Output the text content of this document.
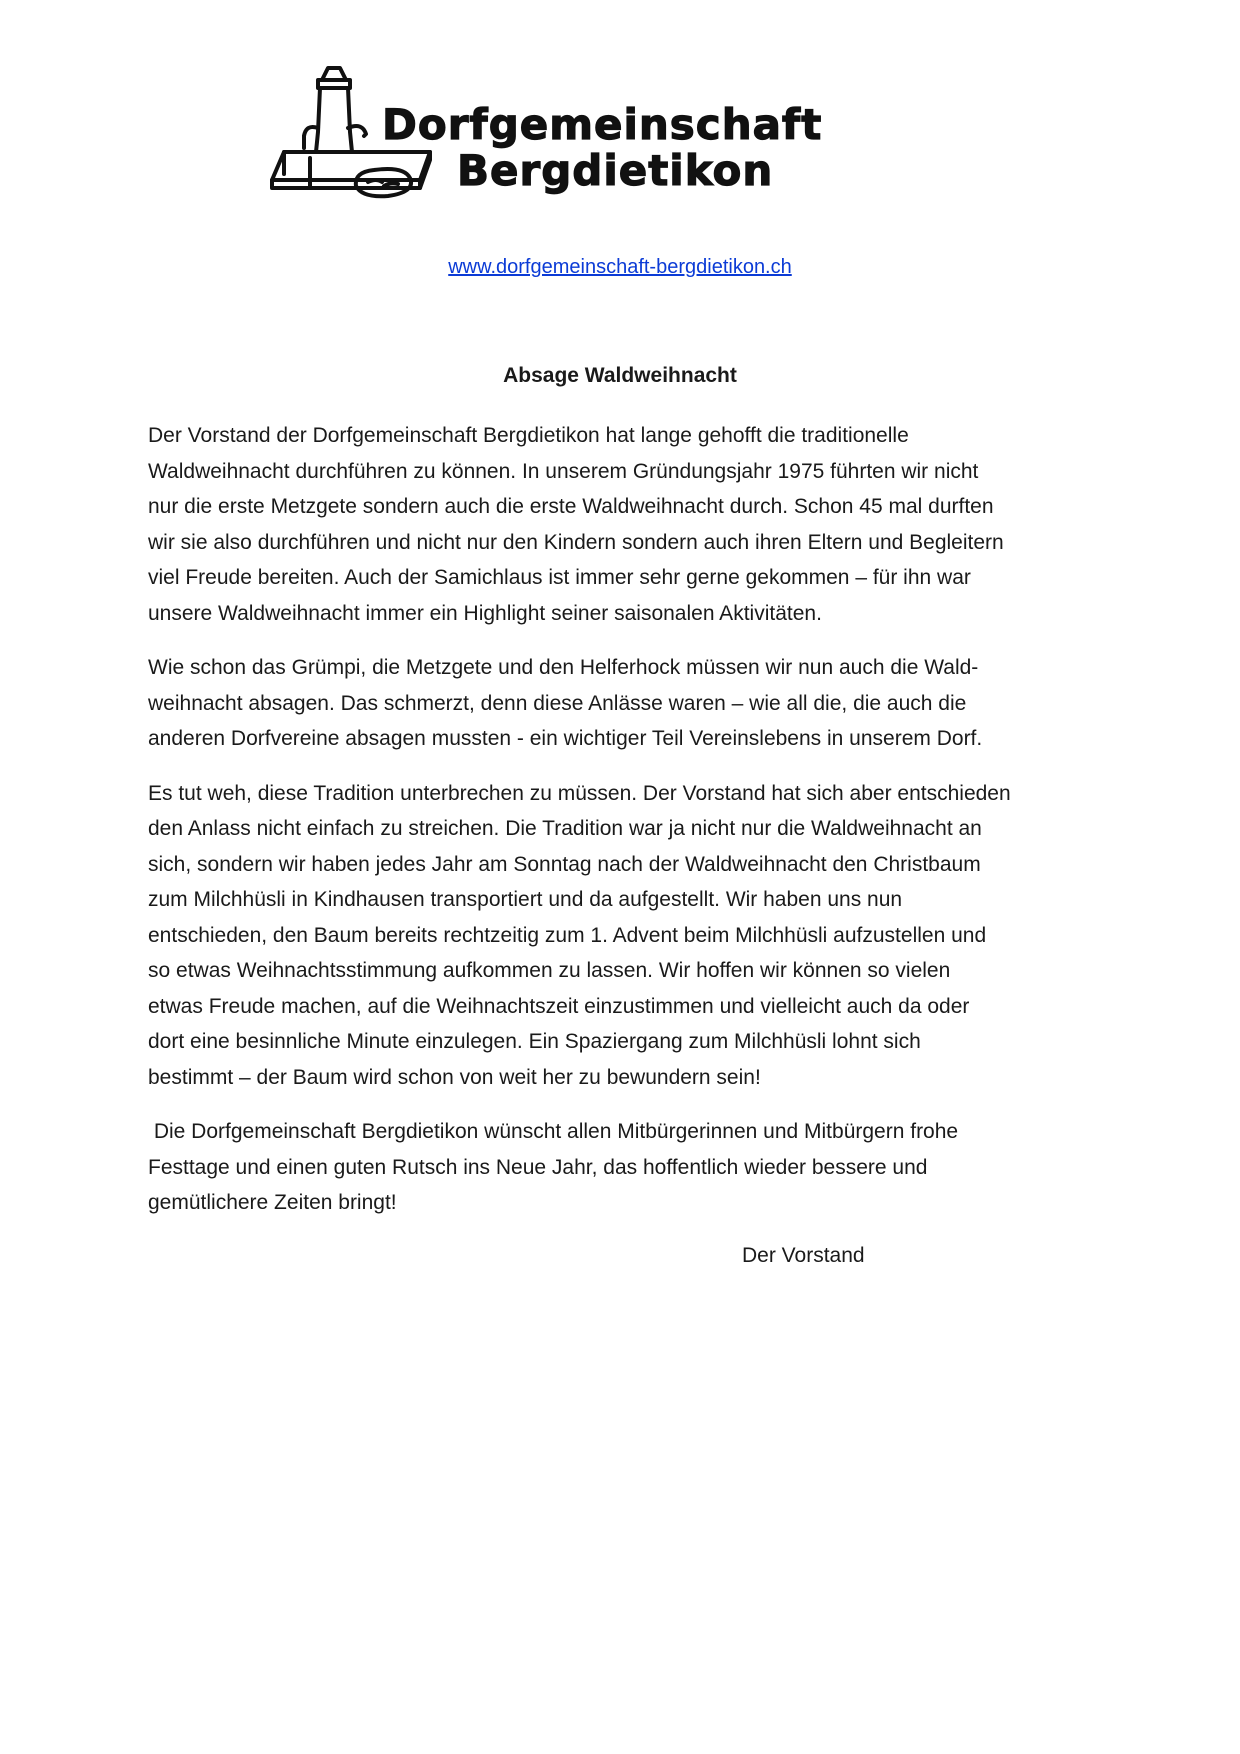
Dorfgemeinschaft
Bergdietikon
www.dorfgemeinschaft-bergdietikon.ch
Absage Waldweihnacht

Der Vorstand der Dorfgemeinschaft Bergdietikon hat lange gehofft die traditionelle
Waldweihnacht durchführen zu können. In unserem Gründungsjahr 1975 führten wir nicht
nur die erste Metzgete sondern auch die erste Waldweihnacht durch. Schon 45 mal durften
wir sie also durchführen und nicht nur den Kindern sondern auch ihren Eltern und Begleitern
viel Freude bereiten. Auch der Samichlaus ist immer sehr gerne gekommen – für ihn war
unsere Waldweihnacht immer ein Highlight seiner saisonalen Aktivitäten.

Wie schon das Grümpi, die Metzgete und den Helferhock müssen wir nun auch die Wald-
weihnacht absagen. Das schmerzt, denn diese Anlässe waren – wie all die, die auch die
anderen Dorfvereine absagen mussten - ein wichtiger Teil Vereinslebens in unserem Dorf.

Es tut weh, diese Tradition unterbrechen zu müssen. Der Vorstand hat sich aber entschieden
den Anlass nicht einfach zu streichen. Die Tradition war ja nicht nur die Waldweihnacht an
sich, sondern wir haben jedes Jahr am Sonntag nach der Waldweihnacht den Christbaum
zum Milchhüsli in Kindhausen transportiert und da aufgestellt. Wir haben uns nun
entschieden, den Baum bereits rechtzeitig zum 1. Advent beim Milchhüsli aufzustellen und
so etwas Weihnachtsstimmung aufkommen zu lassen. Wir hoffen wir können so vielen
etwas Freude machen, auf die Weihnachtszeit einzustimmen und vielleicht auch da oder
dort eine besinnliche Minute einzulegen. Ein Spaziergang zum Milchhüsli lohnt sich
bestimmt – der Baum wird schon von weit her zu bewundern sein!

Die Dorfgemeinschaft Bergdietikon wünscht allen Mitbürgerinnen und Mitbürgern frohe
Festtage und einen guten Rutsch ins Neue Jahr, das hoffentlich wieder bessere und
gemütlichere Zeiten bringt!

Der Vorstand
